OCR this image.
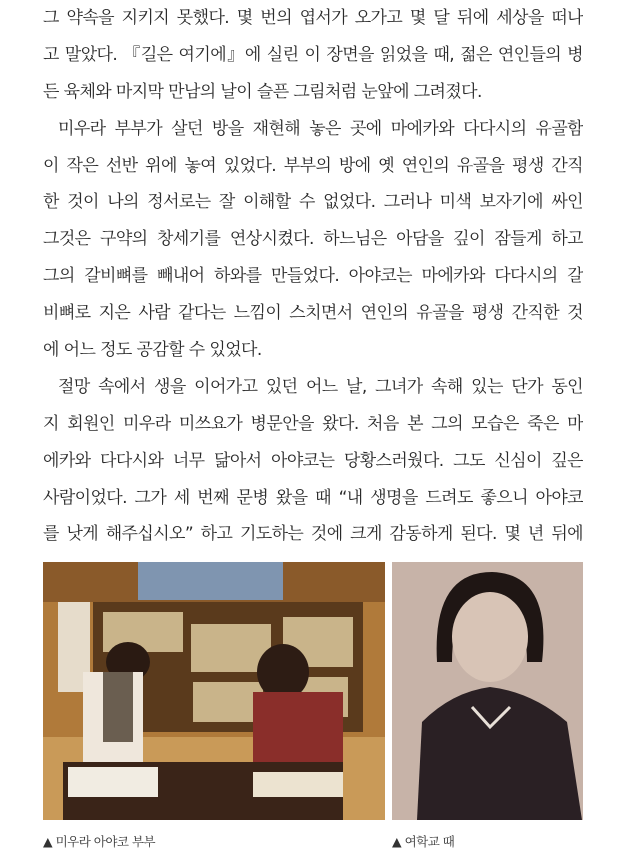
그 약속을 지키지 못했다. 몇 번의 엽서가 오가고 몇 달 뒤에 세상을 떠나
고 말았다. 『길은 여기에』에 실린 이 장면을 읽었을 때, 젊은 연인들의 병
든 육체와 마지막 만남의 날이 슬픈 그림처럼 눈앞에 그려졌다.
미우라 부부가 살던 방을 재현해 놓은 곳에 마에카와 다다시의 유골함
이 작은 선반 위에 놓여 있었다. 부부의 방에 옛 연인의 유골을 평생 간직
한 것이 나의 정서로는 잘 이해할 수 없었다. 그러나 미색 보자기에 싸인
그것은 구약의 창세기를 연상시켰다. 하느님은 아담을 깊이 잠들게 하고
그의 갈비뼈를 빼내어 하와를 만들었다. 아야코는 마에카와 다다시의 갈
비뼈로 지은 사람 같다는 느낌이 스치면서 연인의 유골을 평생 간직한 것
에 어느 정도 공감할 수 있었다.
절망 속에서 생을 이어가고 있던 어느 날, 그녀가 속해 있는 단가 동인
지 회원인 미우라 미쓰요가 병문안을 왔다. 처음 본 그의 모습은 죽은 마
에카와 다다시와 너무 닮아서 아야코는 당황스러웠다. 그도 신심이 깊은
사람이었다. 그가 세 번째 문병 왔을 때 “내 생명을 드려도 좋으니 아야코
를 낫게 해주십시오” 하고 기도하는 것에 크게 감동하게 된다. 몇 년 뒤에
▲ 미우라 아야코 부부	▲ 여학교 때
